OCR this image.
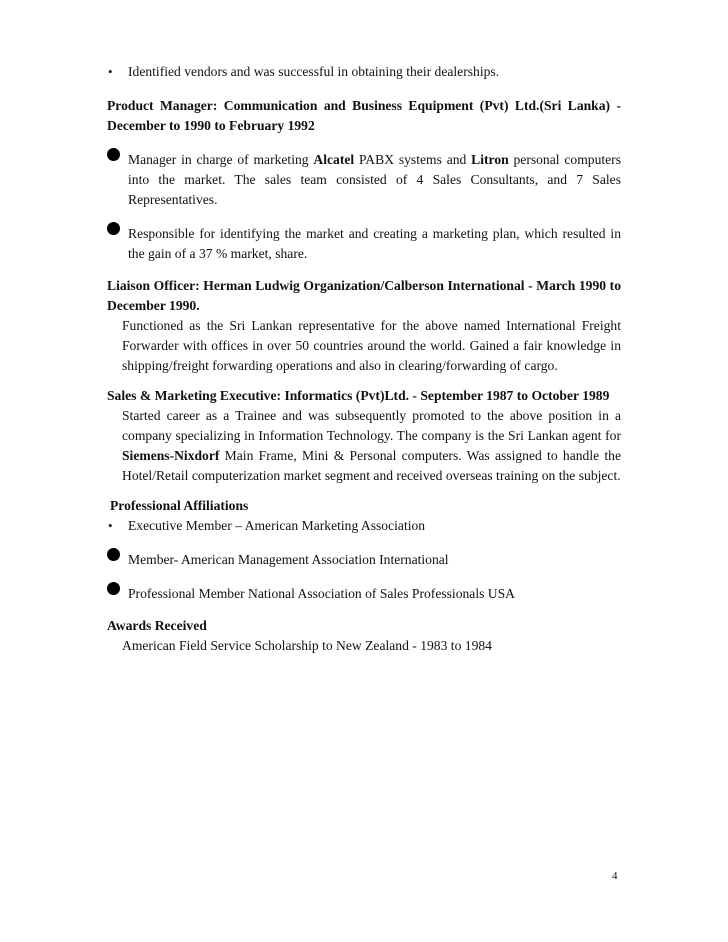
• Identified vendors and was successful in obtaining their dealerships.
Product Manager: Communication and Business Equipment (Pvt) Ltd.(Sri Lanka) - December to 1990 to February 1992
Manager in charge of marketing Alcatel PABX systems and Litron personal computers into the market. The sales team consisted of 4 Sales Consultants, and 7 Sales Representatives.
Responsible for identifying the market and creating a marketing plan, which resulted in the gain of a 37 % market, share.
Liaison Officer: Herman Ludwig Organization/Calberson International - March 1990 to December 1990.
Functioned as the Sri Lankan representative for the above named International Freight Forwarder with offices in over 50 countries around the world. Gained a fair knowledge in shipping/freight forwarding operations and also in clearing/forwarding of cargo.
Sales & Marketing Executive: Informatics (Pvt)Ltd. - September 1987 to October 1989
Started career as a Trainee and was subsequently promoted to the above position in a company specializing in Information Technology. The company is the Sri Lankan agent for Siemens-Nixdorf Main Frame, Mini & Personal computers. Was assigned to handle the Hotel/Retail computerization market segment and received overseas training on the subject.
Professional Affiliations
• Executive Member – American Marketing Association
Member- American Management Association International
Professional Member National Association of Sales Professionals USA
Awards Received
American Field Service Scholarship to New Zealand - 1983 to 1984
4
